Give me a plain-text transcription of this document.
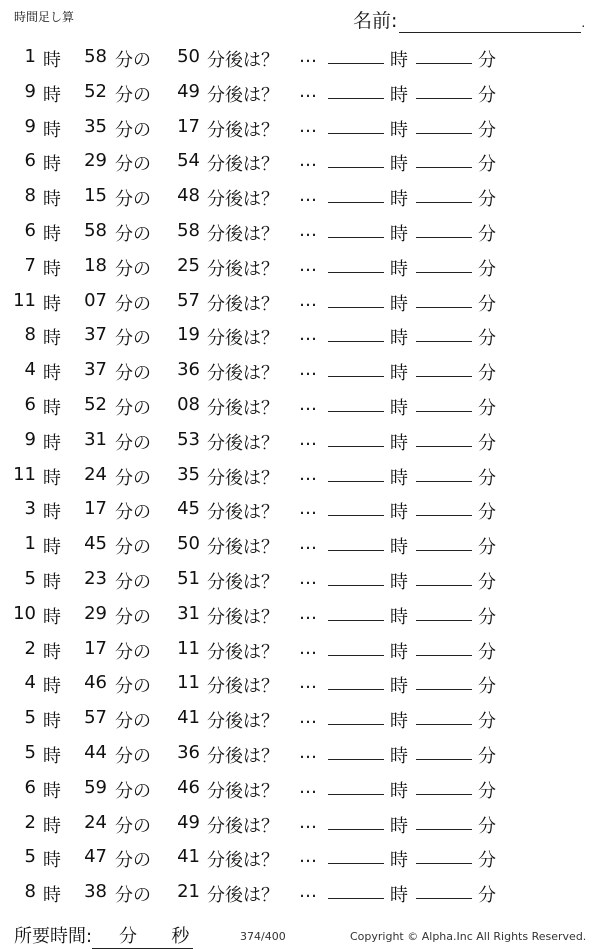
時間足し算	名前:	.
1 時	58 分の	50 分後は？ …	時	分
9 時	52 分の	49 分後は？ …	時	分
9 時	35 分の	17 分後は？ …	時	分
6 時	29 分の	54 分後は？ …	時	分
8 時	15 分の	48 分後は？ …	時	分
6 時	58 分の	58 分後は？ …	時	分
7 時	18 分の	25 分後は？ …	時	分
11 時	07 分の	57 分後は？ …	時	分
8 時	37 分の	19 分後は？ …	時	分
4 時	37 分の	36 分後は？ …	時	分
6 時	52 分の	08 分後は？ …	時	分
9 時	31 分の	53 分後は？ …	時	分
11 時	24 分の	35 分後は？ …	時	分
3 時	17 分の	45 分後は？ …	時	分
1 時	45 分の	50 分後は？ …	時	分
5 時	23 分の	51 分後は？ …	時	分
10 時	29 分の	31 分後は？ …	時	分
2 時	17 分の	11 分後は？ …	時	分
4 時	46 分の	11 分後は？ …	時	分
5 時	57 分の	41 分後は？ …	時	分
5 時	44 分の	36 分後は？ …	時	分
6 時	59 分の	46 分後は？ …	時	分
2 時	24 分の	49 分後は？ …	時	分
5 時	47 分の	41 分後は？ …	時	分
8 時	38 分の	21 分後は？ …	時	分
所要時間: 分 秒	374/400	Copyright © Alpha.Inc All Rights Reserved.
